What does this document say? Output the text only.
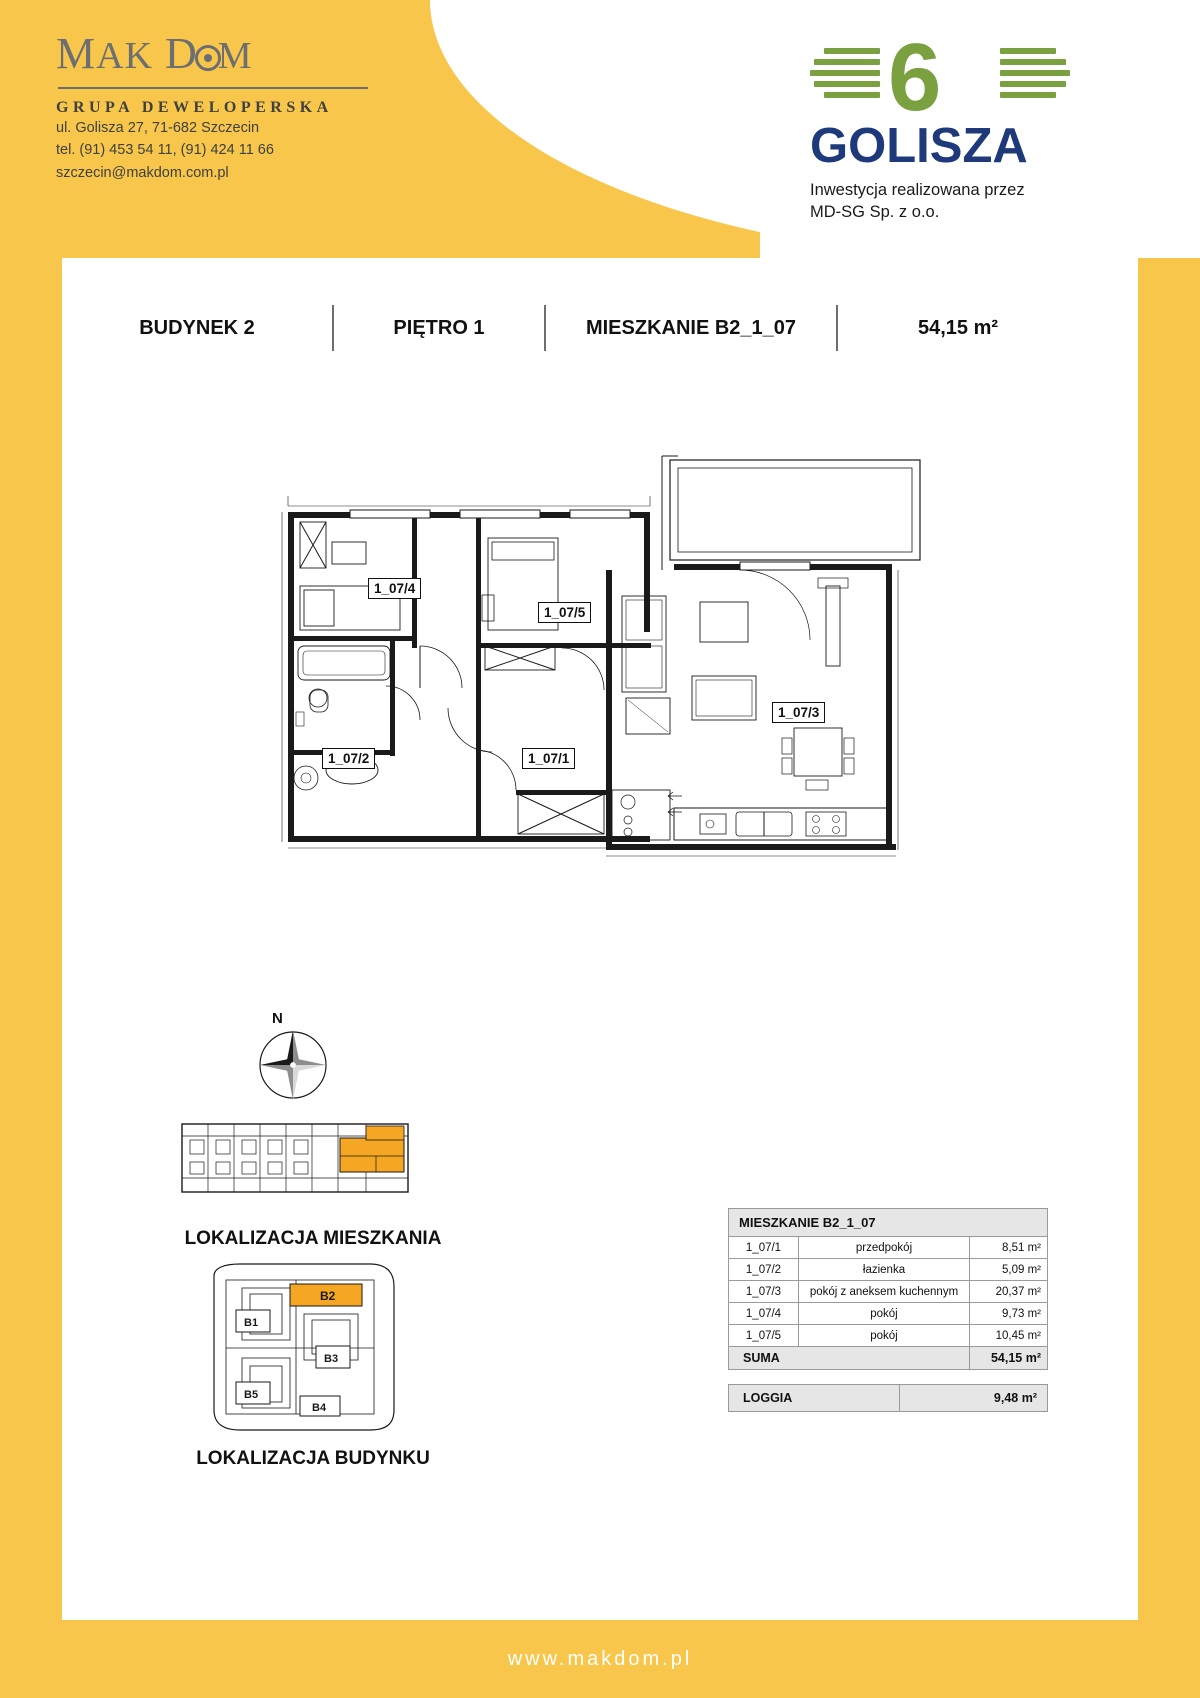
MAK D M
GRUPA DEWELOPERSKA
ul. Golisza 27, 71-682 Szczecin
tel. (91) 453 54 11, (91) 424 11 66
szczecin@makdom.com.pl
6
GOLISZA
Inwestycja realizowana przez
MD-SG Sp. z o.o.
BUDYNEK 2	PIĘTRO 1	MIESZKANIE B2_1_07	54,15 m²
1_07/4
1_07/5
1_07/3
1_07/2	1_07/1
N
LOKALIZACJA MIESZKANIA
B2
B1
B3
B4
B5
LOKALIZACJA BUDYNKU
MIESZKANIE B2_1_07		
1_07/1	przedpokój	8,51 m²
1_07/2	łazienka	5,09 m²
1_07/3	pokój z aneksem kuchennym	20,37 m²
1_07/4	pokój	9,73 m²
1_07/5	pokój	10,45 m²
SUMA		54,15 m²
LOGGIA	9,48 m²
www.makdom.pl
